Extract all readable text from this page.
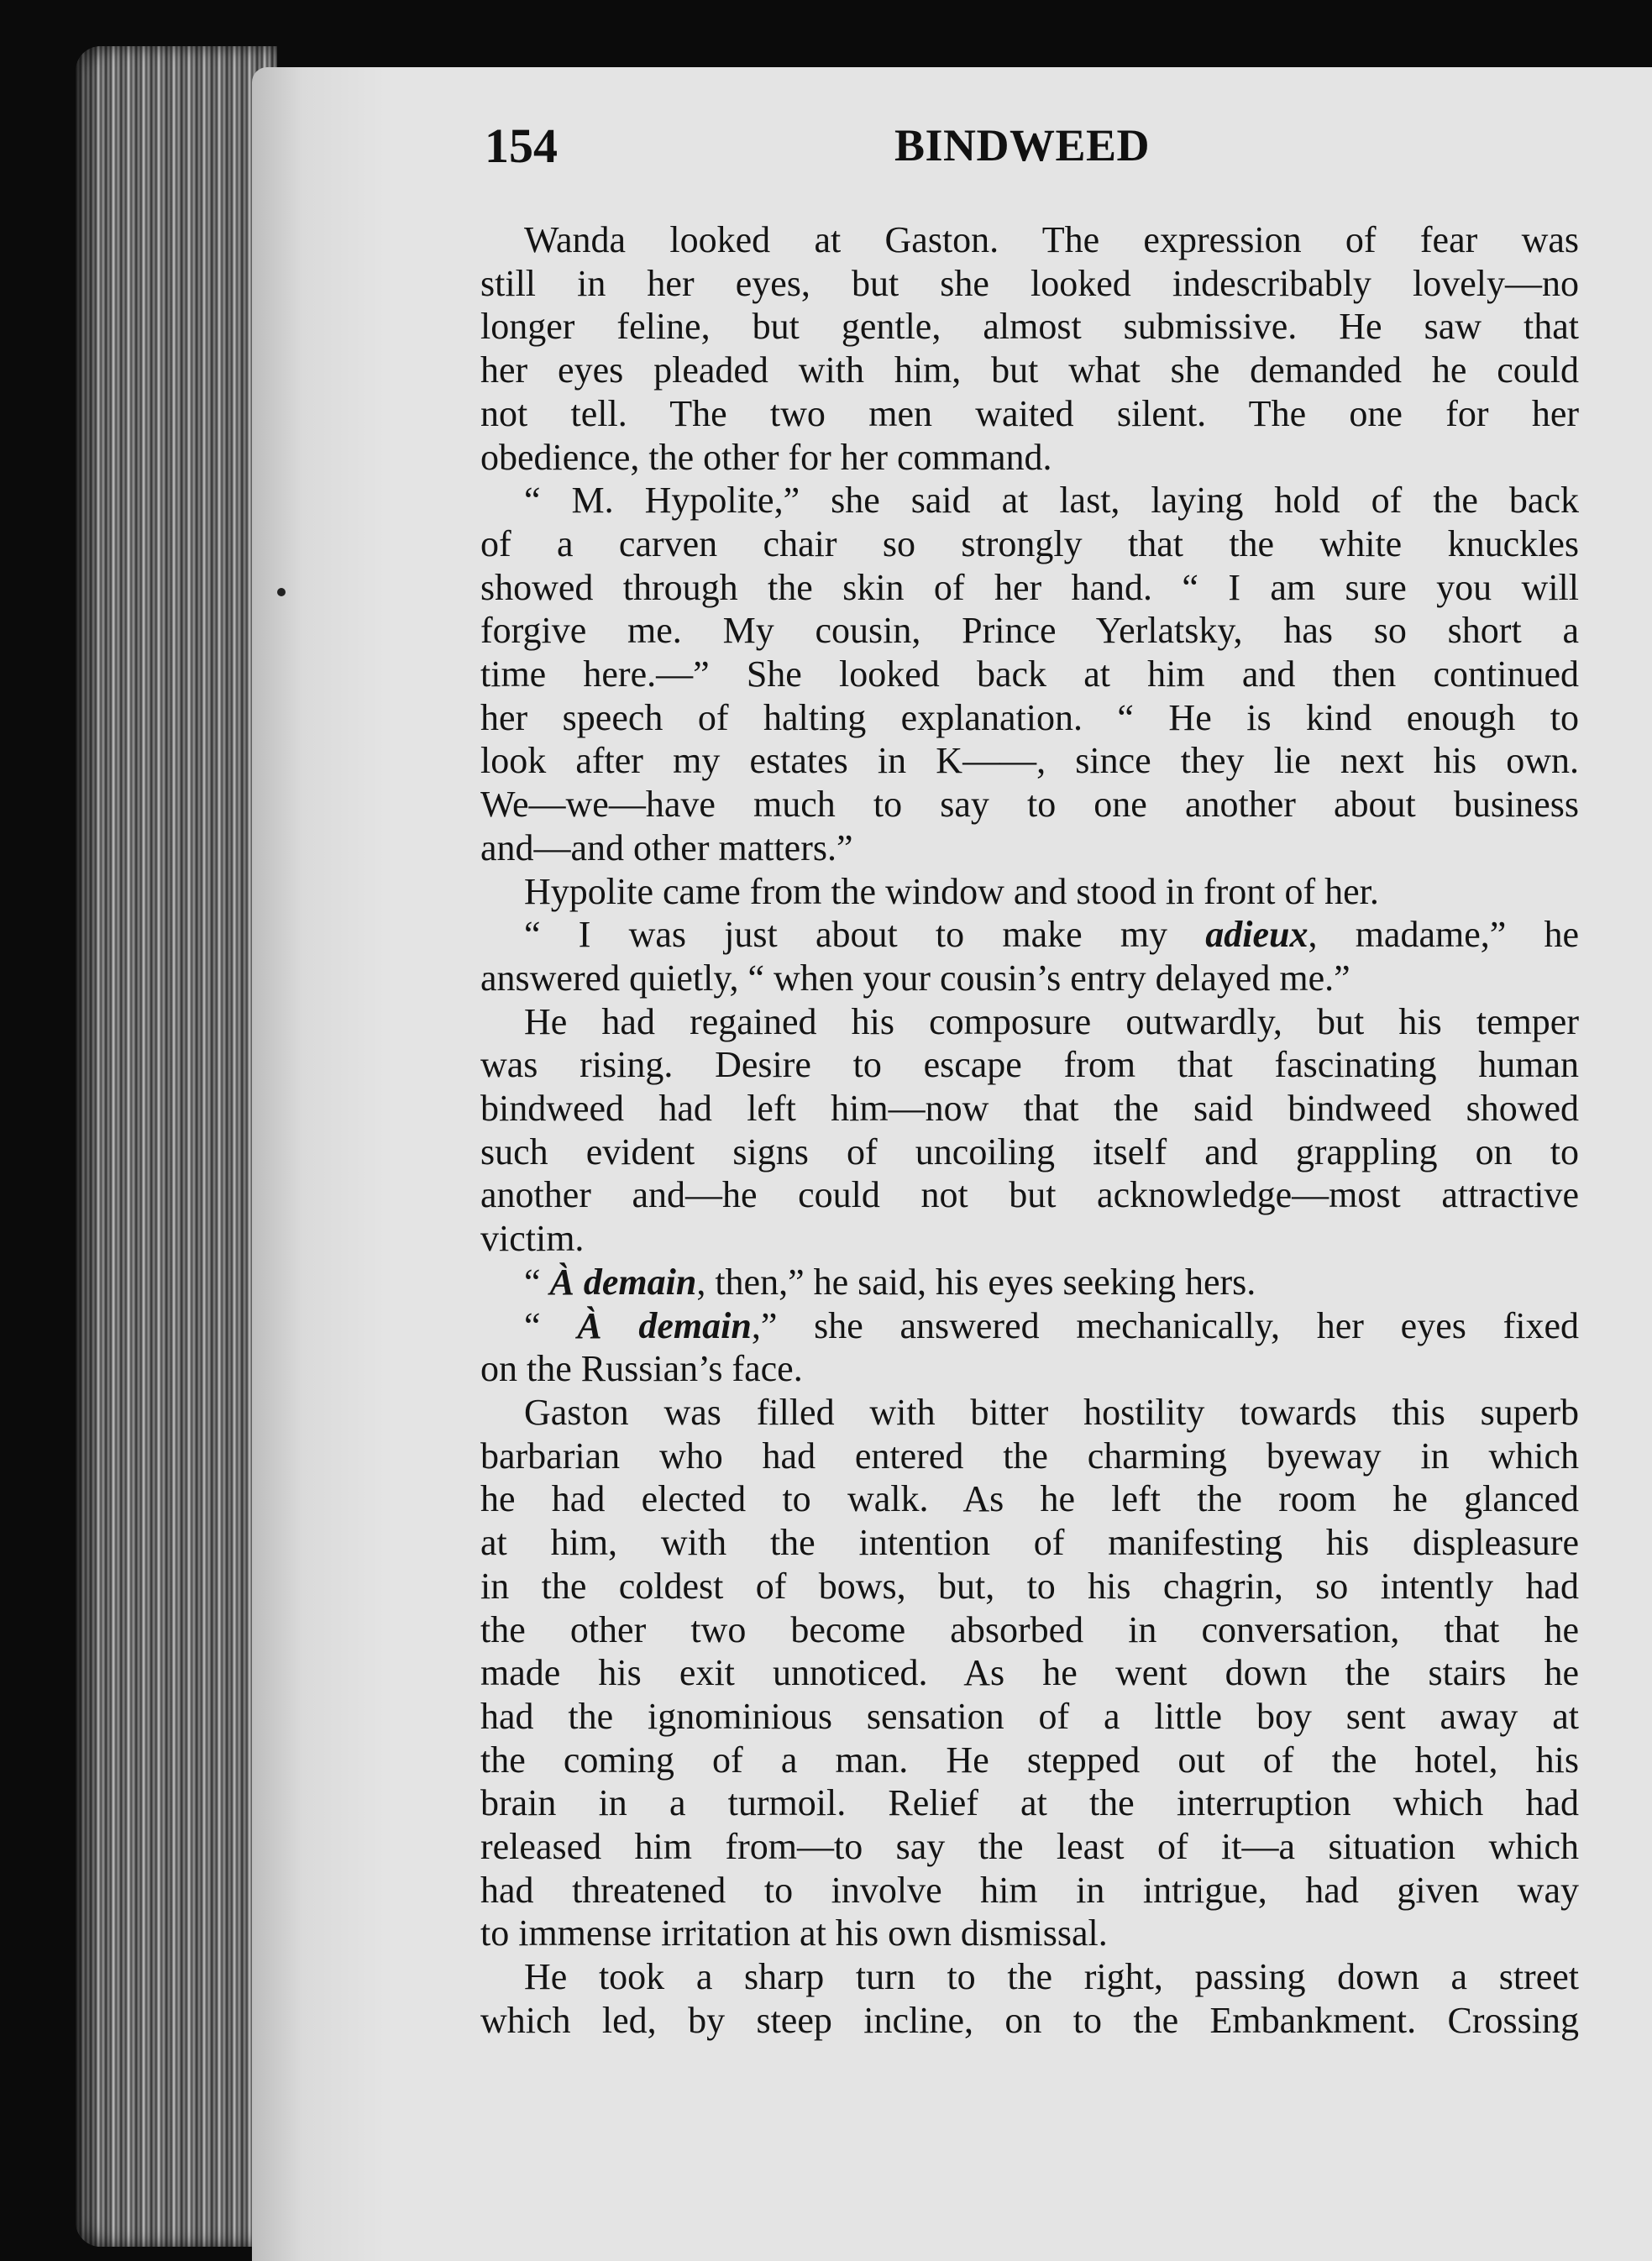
154	BINDWEED

Wanda looked at Gaston. The expression of fear was

still in her eyes, but she looked indescribably lovely—no

longer feline, but gentle, almost submissive. He saw that

her eyes pleaded with him, but what she demanded he could

not tell. The two men waited silent. The one for her

obedience, the other for her command.

“ M. Hypolite,” she said at last, laying hold of the back

of a carven chair so strongly that the white knuckles

showed through the skin of her hand. “ I am sure you will

forgive me. My cousin, Prince Yerlatsky, has so short a

time here.—” She looked back at him and then continued

her speech of halting explanation. “ He is kind enough to

look after my estates in K——, since they lie next his own.

We—we—have much to say to one another about business

and—and other matters.”

Hypolite came from the window and stood in front of her.

“ I was just about to make my adieux, madame,” he

answered quietly, “ when your cousin’s entry delayed me.”

He had regained his composure outwardly, but his temper

was rising. Desire to escape from that fascinating human

bindweed had left him—now that the said bindweed showed

such evident signs of uncoiling itself and grappling on to

another and—he could not but acknowledge—most attractive

victim.

“ À demain, then,” he said, his eyes seeking hers.

“ À demain,” she answered mechanically, her eyes fixed

on the Russian’s face.

Gaston was filled with bitter hostility towards this superb

barbarian who had entered the charming byeway in which

he had elected to walk. As he left the room he glanced

at him, with the intention of manifesting his displeasure

in the coldest of bows, but, to his chagrin, so intently had

the other two become absorbed in conversation, that he

made his exit unnoticed. As he went down the stairs he

had the ignominious sensation of a little boy sent away at

the coming of a man. He stepped out of the hotel, his

brain in a turmoil. Relief at the interruption which had

released him from—to say the least of it—a situation which

had threatened to involve him in intrigue, had given way

to immense irritation at his own dismissal.

He took a sharp turn to the right, passing down a street

which led, by steep incline, on to the Embankment. Crossing
